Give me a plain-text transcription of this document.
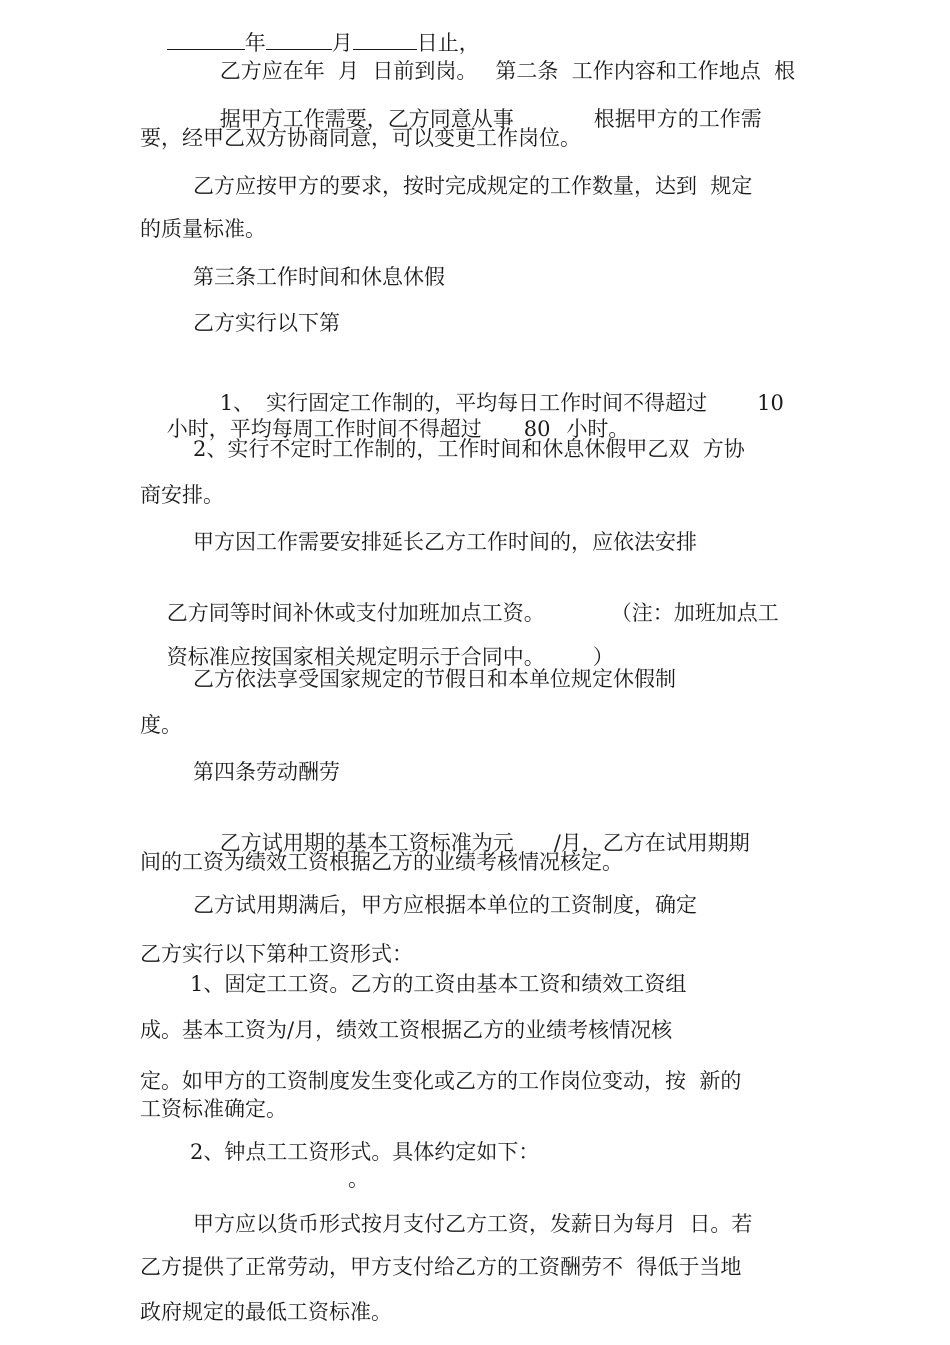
年	月	日止，

乙方应在年  月  日前到岗。 第二条  工作内容和工作地点  根

据甲方工作需要，乙方同意从事	根据甲方的工作需

要，经甲乙双方协商同意，可以变更工作岗位。
乙方应按甲方的要求，按时完成规定的工作数量，达到  规定
的质量标准。
第三条工作时间和休息休假
乙方实行以下第

1、 实行固定工作制的，平均每日工作时间不得超过 10

小时，平均每周工作时间不得超过 80 小时。

2、实行不定时工作制的，工作时间和休息休假甲乙双  方协
商安排。
甲方因工作需要安排延长乙方工作时间的，应依法安排

乙方同等时间补休或支付加班加点工资。	（注：加班加点工

资标准应按国家相关规定明示于合同中。 ）

乙方依法享受国家规定的节假日和本单位规定休假制
度。
第四条劳动酬劳

乙方试用期的基本工资标准为元 /月，乙方在试用期期

间的工资为绩效工资根据乙方的业绩考核情况核定。
乙方试用期满后，甲方应根据本单位的工资制度，确定
乙方实行以下第种工资形式：
1、固定工工资。乙方的工资由基本工资和绩效工资组
成。基本工资为/月，绩效工资根据乙方的业绩考核情况核
定。如甲方的工资制度发生变化或乙方的工作岗位变动，按  新的
工资标准确定。
2、钟点工工资形式。具体约定如下：
。
甲方应以货币形式按月支付乙方工资，发薪日为每月  日。若
乙方提供了正常劳动，甲方支付给乙方的工资酬劳不  得低于当地
政府规定的最低工资标准。
